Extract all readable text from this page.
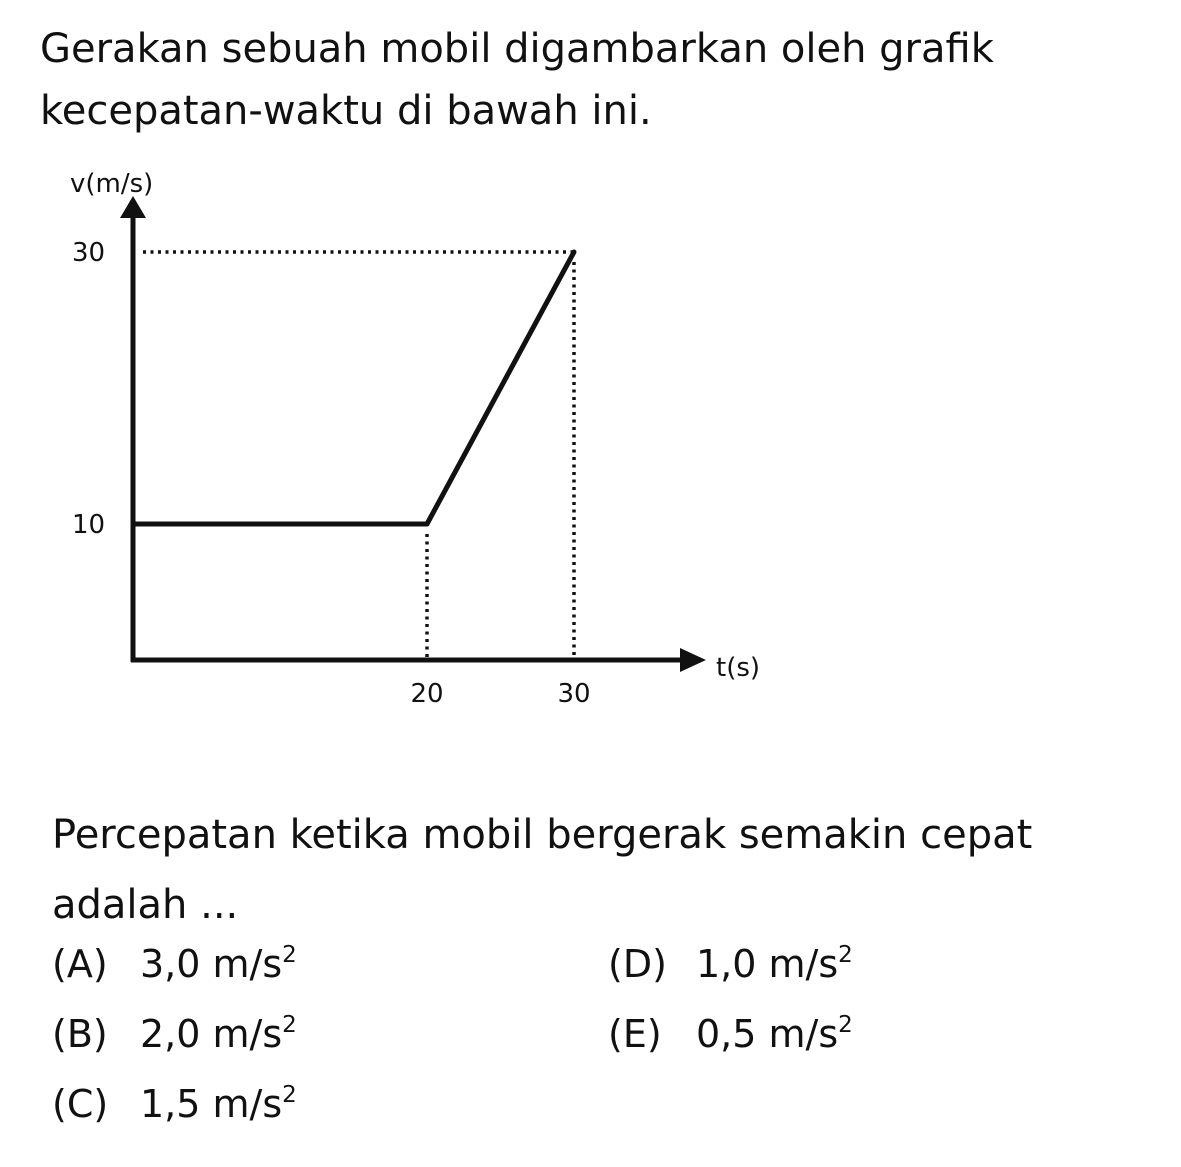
Gerakan sebuah mobil digambarkan oleh grafik kecepatan-waktu di bawah ini.

v(m/s)
t(s)
20	30
10
30

Percepatan ketika mobil bergerak semakin cepat adalah ...

(A) 3,0 $m/s^2$
(B) 2,0 $m/s^2$
(C) 1,5 $m/s^2$
(D) 1,0 $m/s^2$
(E) 0,5 $m/s^2$
